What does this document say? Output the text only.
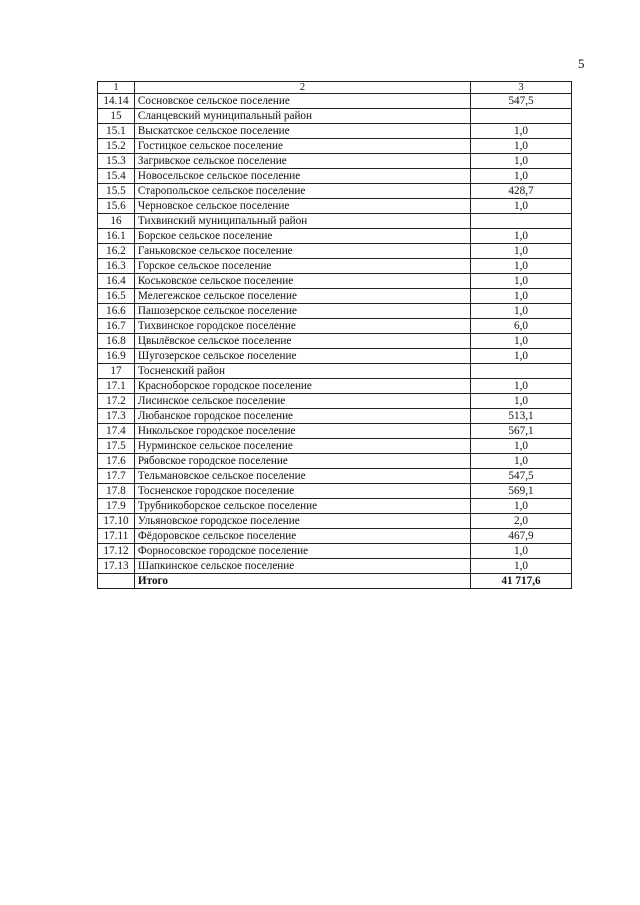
5
1	2	3
14.14	Сосновское сельское поселение	547,5
15	Сланцевский муниципальный район	
15.1	Выскатское сельское поселение	1,0
15.2	Гостицкое сельское поселение	1,0
15.3	Загривское сельское поселение	1,0
15.4	Новосельское сельское поселение	1,0
15.5	Старопольское сельское поселение	428,7
15.6	Черновское сельское поселение	1,0
16	Тихвинский муниципальный район	
16.1	Борское сельское поселение	1,0
16.2	Ганьковское сельское поселение	1,0
16.3	Горское сельское поселение	1,0
16.4	Коськовское сельское поселение	1,0
16.5	Мелегежское сельское поселение	1,0
16.6	Пашозерское сельское поселение	1,0
16.7	Тихвинское городское поселение	6,0
16.8	Цвылёвское сельское поселение	1,0
16.9	Шугозерское сельское поселение	1,0
17	Тосненский район	
17.1	Красноборское городское поселение	1,0
17.2	Лисинское сельское поселение	1,0
17.3	Любанское городское поселение	513,1
17.4	Никольское городское поселение	567,1
17.5	Нурминское сельское поселение	1,0
17.6	Рябовское городское поселение	1,0
17.7	Тельмановское сельское поселение	547,5
17.8	Тосненское городское поселение	569,1
17.9	Трубникоборское сельское поселение	1,0
17.10	Ульяновское городское поселение	2,0
17.11	Фёдоровское сельское поселение	467,9
17.12	Форносовское городское поселение	1,0
17.13	Шапкинское сельское поселение	1,0
	Итого	41 717,6
